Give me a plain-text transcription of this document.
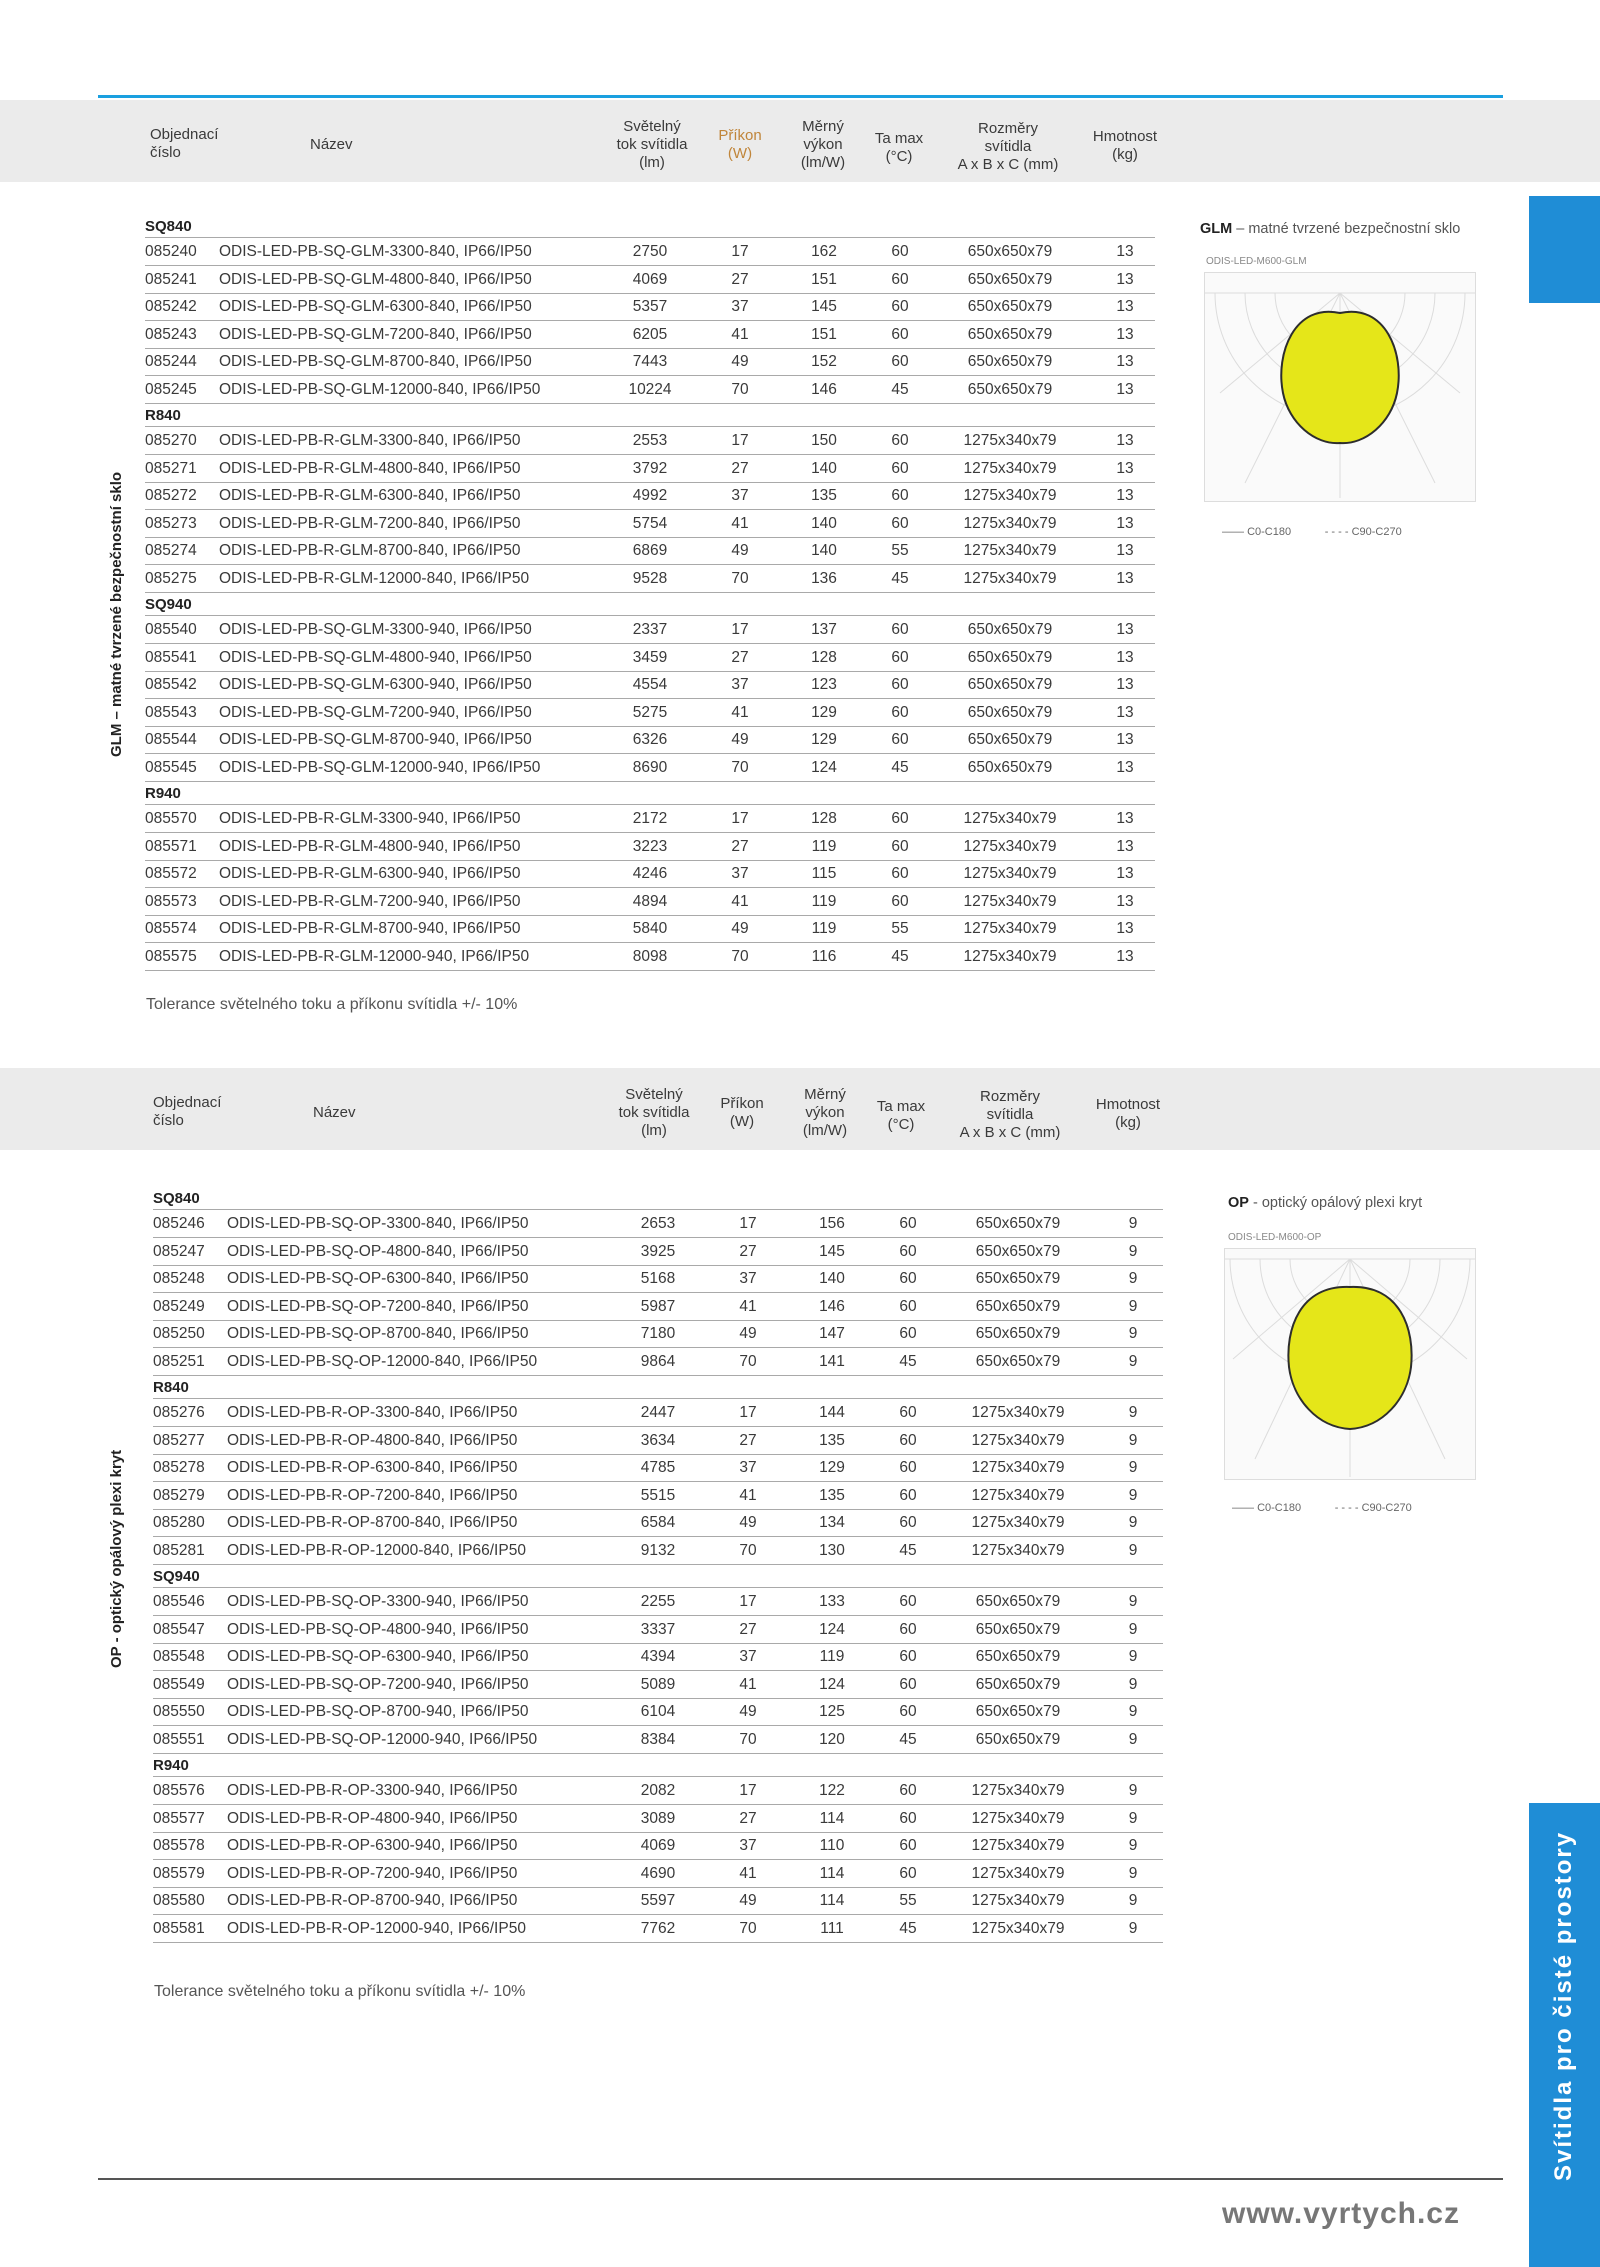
Objednací
číslo	Název
Světelný
tok svítidla
(lm)
Příkon
(W)
Měrný
výkon
(lm/W)
Ta max
(°C)
Rozměry
svítidla
A x B x C (mm)
Hmotnost
(kg)
SQ840
085240 ODIS-LED-PB-SQ-GLM-3300-840, IP66/IP50	2750	17	162	60	650x650x79	13
085241 ODIS-LED-PB-SQ-GLM-4800-840, IP66/IP50	4069	27	151	60	650x650x79	13
085242 ODIS-LED-PB-SQ-GLM-6300-840, IP66/IP50	5357	37	145	60	650x650x79	13
085243 ODIS-LED-PB-SQ-GLM-7200-840, IP66/IP50	6205	41	151	60	650x650x79	13
085244 ODIS-LED-PB-SQ-GLM-8700-840, IP66/IP50	7443	49	152	60	650x650x79	13
085245 ODIS-LED-PB-SQ-GLM-12000-840, IP66/IP50	10224	70	146	45	650x650x79	13
R840
085270 ODIS-LED-PB-R-GLM-3300-840, IP66/IP50	2553	17	150	60	1275x340x79	13
085271 ODIS-LED-PB-R-GLM-4800-840, IP66/IP50	3792	27	140	60	1275x340x79	13
085272 ODIS-LED-PB-R-GLM-6300-840, IP66/IP50	4992	37	135	60	1275x340x79	13
085273 ODIS-LED-PB-R-GLM-7200-840, IP66/IP50	5754	41	140	60	1275x340x79	13
085274 ODIS-LED-PB-R-GLM-8700-840, IP66/IP50	6869	49	140	55	1275x340x79	13
085275 ODIS-LED-PB-R-GLM-12000-840, IP66/IP50	9528	70	136	45	1275x340x79	13
SQ940
085540 ODIS-LED-PB-SQ-GLM-3300-940, IP66/IP50	2337	17	137	60	650x650x79	13
085541 ODIS-LED-PB-SQ-GLM-4800-940, IP66/IP50	3459	27	128	60	650x650x79	13
085542 ODIS-LED-PB-SQ-GLM-6300-940, IP66/IP50	4554	37	123	60	650x650x79	13
085543 ODIS-LED-PB-SQ-GLM-7200-940, IP66/IP50	5275	41	129	60	650x650x79	13
085544 ODIS-LED-PB-SQ-GLM-8700-940, IP66/IP50	6326	49	129	60	650x650x79	13
085545 ODIS-LED-PB-SQ-GLM-12000-940, IP66/IP50	8690	70	124	45	650x650x79	13
R940
085570 ODIS-LED-PB-R-GLM-3300-940, IP66/IP50	2172	17	128	60	1275x340x79	13
085571 ODIS-LED-PB-R-GLM-4800-940, IP66/IP50	3223	27	119	60	1275x340x79	13
085572 ODIS-LED-PB-R-GLM-6300-940, IP66/IP50	4246	37	115	60	1275x340x79	13
085573 ODIS-LED-PB-R-GLM-7200-940, IP66/IP50	4894	41	119	60	1275x340x79	13
085574 ODIS-LED-PB-R-GLM-8700-940, IP66/IP50	5840	49	119	55	1275x340x79	13
085575 ODIS-LED-PB-R-GLM-12000-940, IP66/IP50	8098	70	116	45	1275x340x79	13
GLM – matné tvrzené bezpečnostní sklo
Tolerance světelného toku a příkonu svítidla +/- 10%
GLM – matné tvrzené bezpečnostní sklo
ODIS-LED-M600-GLM
—— C0-C180           - - - - C90-C270
Objednací
číslo	Název
Světelný
tok svítidla
(lm)
Příkon
(W)
Měrný
výkon
(lm/W)
Ta max
(°C)
Rozměry
svítidla
A x B x C (mm)
Hmotnost
(kg)
SQ840
085246 ODIS-LED-PB-SQ-OP-3300-840, IP66/IP50	2653	17	156	60	650x650x79	9
085247 ODIS-LED-PB-SQ-OP-4800-840, IP66/IP50	3925	27	145	60	650x650x79	9
085248 ODIS-LED-PB-SQ-OP-6300-840, IP66/IP50	5168	37	140	60	650x650x79	9
085249 ODIS-LED-PB-SQ-OP-7200-840, IP66/IP50	5987	41	146	60	650x650x79	9
085250 ODIS-LED-PB-SQ-OP-8700-840, IP66/IP50	7180	49	147	60	650x650x79	9
085251 ODIS-LED-PB-SQ-OP-12000-840, IP66/IP50	9864	70	141	45	650x650x79	9
R840
085276 ODIS-LED-PB-R-OP-3300-840, IP66/IP50	2447	17	144	60	1275x340x79	9
085277 ODIS-LED-PB-R-OP-4800-840, IP66/IP50	3634	27	135	60	1275x340x79	9
085278 ODIS-LED-PB-R-OP-6300-840, IP66/IP50	4785	37	129	60	1275x340x79	9
085279 ODIS-LED-PB-R-OP-7200-840, IP66/IP50	5515	41	135	60	1275x340x79	9
085280 ODIS-LED-PB-R-OP-8700-840, IP66/IP50	6584	49	134	60	1275x340x79	9
085281 ODIS-LED-PB-R-OP-12000-840, IP66/IP50	9132	70	130	45	1275x340x79	9
SQ940
085546 ODIS-LED-PB-SQ-OP-3300-940, IP66/IP50	2255	17	133	60	650x650x79	9
085547 ODIS-LED-PB-SQ-OP-4800-940, IP66/IP50	3337	27	124	60	650x650x79	9
085548 ODIS-LED-PB-SQ-OP-6300-940, IP66/IP50	4394	37	119	60	650x650x79	9
085549 ODIS-LED-PB-SQ-OP-7200-940, IP66/IP50	5089	41	124	60	650x650x79	9
085550 ODIS-LED-PB-SQ-OP-8700-940, IP66/IP50	6104	49	125	60	650x650x79	9
085551 ODIS-LED-PB-SQ-OP-12000-940, IP66/IP50	8384	70	120	45	650x650x79	9
R940
085576 ODIS-LED-PB-R-OP-3300-940, IP66/IP50	2082	17	122	60	1275x340x79	9
085577 ODIS-LED-PB-R-OP-4800-940, IP66/IP50	3089	27	114	60	1275x340x79	9
085578 ODIS-LED-PB-R-OP-6300-940, IP66/IP50	4069	37	110	60	1275x340x79	9
085579 ODIS-LED-PB-R-OP-7200-940, IP66/IP50	4690	41	114	60	1275x340x79	9
085580 ODIS-LED-PB-R-OP-8700-940, IP66/IP50	5597	49	114	55	1275x340x79	9
085581 ODIS-LED-PB-R-OP-12000-940, IP66/IP50	7762	70	111	45	1275x340x79	9
OP - optický opálový plexi kryt
Tolerance světelného toku a příkonu svítidla +/- 10%
OP - optický opálový plexi kryt
ODIS-LED-M600-OP
—— C0-C180           - - - - C90-C270
Svítidla pro čisté prostory
www.vyrtych.cz
